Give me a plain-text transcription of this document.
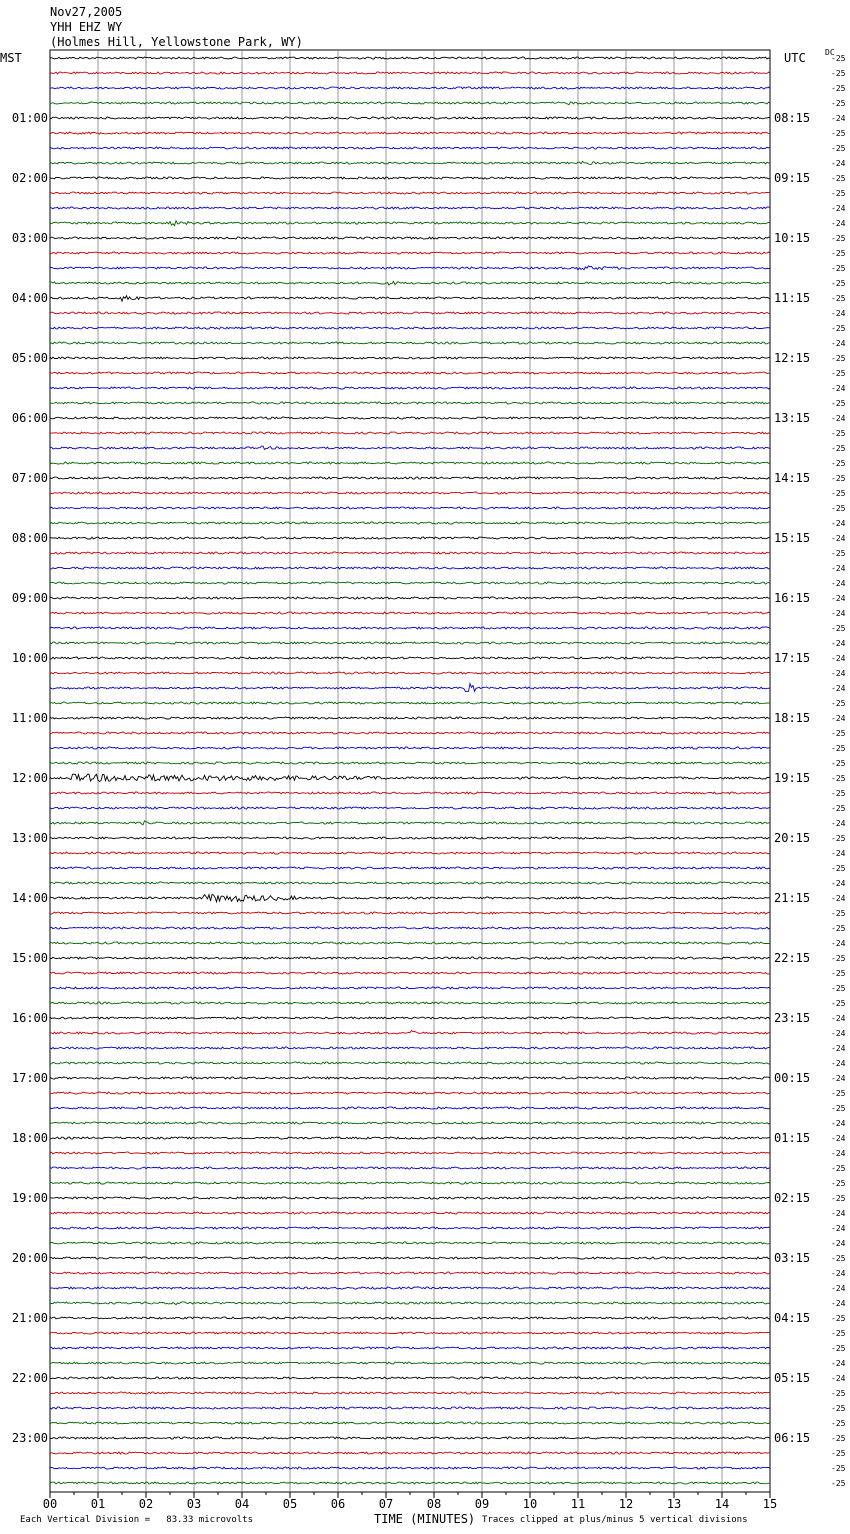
Nov27,2005
YHH EHZ WY
(Holmes Hill, Yellowstone Park, WY)
MST	UTC DC
01:00
02:00
03:00
04:00
05:00
06:00
07:00
08:00
09:00
10:00
11:00
12:00
13:00
14:00
15:00
16:00
17:00
18:00
19:00
20:00
21:00
22:00
23:00
08:15
09:15
10:15
11:15
12:15
13:15
14:15
15:15
16:15
17:15
18:15
19:15
20:15
21:15
22:15
23:15
00:15
01:15
02:15
03:15
04:15
05:15
06:15
-25
-25
-25
-25
-24
-25
-25
-24
-25
-25
-24
-24
-25
-25
-25
-25
-25
-24
-25
-24
-25
-25
-24
-25
-24
-25
-25
-25
-25
-25
-25
-24
-24
-25
-24
-24
-24
-24
-25
-24
-24
-24
-24
-25
-24
-25
-25
-25
-25
-25
-25
-24
-25
-24
-25
-24
-24
-25
-25
-24
-25
-25
-25
-25
-24
-24
-24
-24
-24
-25
-25
-24
-24
-24
-25
-25
-25
-24
-24
-24
-25
-24
-24
-24
-25
-25
-25
-24
-24
-25
-25
-25
-25
-25
-25
-25
00	01	02	03	04	05	06	07	08	09	10	11	12	13	14	15
Each Vertical Division =   83.33 microvolts	TIME (MINUTES) Traces clipped at plus/minus 5 vertical divisions
